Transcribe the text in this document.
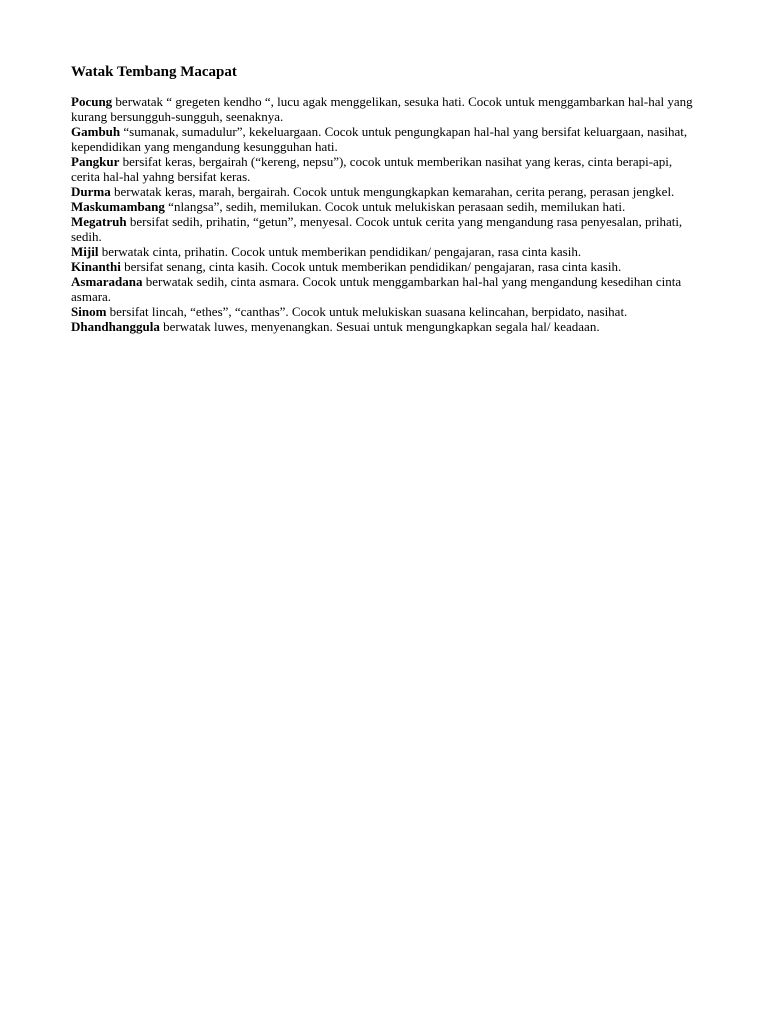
Watak Tembang Macapat

Pocung berwatak “ gregeten kendho “, lucu agak menggelikan, sesuka hati. Cocok untuk menggambarkan hal-hal yang kurang bersungguh-sungguh, seenaknya.

Gambuh “sumanak, sumadulur”, kekeluargaan. Cocok untuk pengungkapan hal-hal yang bersifat keluargaan, nasihat, kependidikan yang mengandung kesungguhan hati.

Pangkur bersifat keras, bergairah (“kereng, nepsu”), cocok untuk memberikan nasihat yang keras, cinta berapi-api, cerita hal-hal yahng bersifat keras.

Durma berwatak keras, marah, bergairah. Cocok untuk mengungkapkan kemarahan, cerita perang, perasan jengkel.

Maskumambang “nlangsa”, sedih, memilukan. Cocok untuk melukiskan perasaan sedih, memilukan hati.

Megatruh bersifat sedih, prihatin, “getun”, menyesal. Cocok untuk cerita yang mengandung rasa penyesalan, prihati, sedih.

Mijil berwatak cinta, prihatin. Cocok untuk memberikan pendidikan/ pengajaran, rasa cinta kasih.

Kinanthi bersifat senang, cinta kasih. Cocok untuk memberikan pendidikan/ pengajaran, rasa cinta kasih.

Asmaradana berwatak sedih, cinta asmara. Cocok untuk menggambarkan hal-hal yang mengandung kesedihan cinta asmara.

Sinom bersifat lincah, “ethes”, “canthas”. Cocok untuk melukiskan suasana kelincahan, berpidato, nasihat.

Dhandhanggula berwatak luwes, menyenangkan. Sesuai untuk mengungkapkan segala hal/ keadaan.
